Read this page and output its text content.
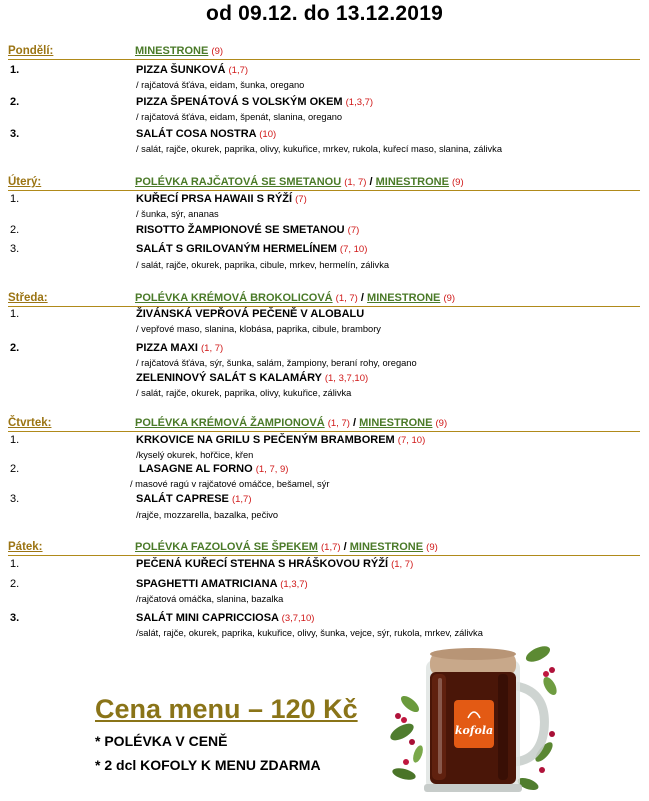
od 09.12. do 13.12.2019
Pondělí:	MINESTRONE (9)
1.	PIZZA ŠUNKOVÁ (1,7)
/ rajčatová šťáva, eidam, šunka, oregano
2.	PIZZA ŠPENÁTOVÁ S VOLSKÝM OKEM (1,3,7)
/ rajčatová šťáva, eidam, špenát, slanina, oregano
3.	SALÁT COSA NOSTRA (10)
/ salát, rajče, okurek, paprika, olivy, kukuřice, mrkev, rukola, kuřecí maso, slanina, zálivka
Úterý:	POLÉVKA RAJČATOVÁ SE SMETANOU (1, 7) / MINESTRONE (9)
1.	KUŘECÍ PRSA HAWAII S RÝŽÍ (7)
/ šunka, sýr, ananas
2.	RISOTTO ŽAMPIONOVÉ SE SMETANOU (7)
3.	SALÁT S GRILOVANÝM HERMELÍNEM (7, 10)
/ salát, rajče, okurek, paprika, cibule, mrkev, hermelín, zálivka
Středa:	POLÉVKA KRÉMOVÁ BROKOLICOVÁ (1, 7) / MINESTRONE (9)
1.	ŽIVÁNSKÁ VEPŘOVÁ PEČENĚ V ALOBALU
/ vepřové maso, slanina, klobása, paprika, cibule, brambory
2.	PIZZA MAXI (1, 7)
/ rajčatová šťáva, sýr, šunka, salám, žampiony, beraní rohy, oregano
ZELENINOVÝ SALÁT S KALAMÁRY (1, 3,7,10)
/ salát, rajče, okurek, paprika, olivy, kukuřice, zálivka
Čtvrtek:	POLÉVKA KRÉMOVÁ ŽAMPIONOVÁ (1, 7) / MINESTRONE (9)
1.	KRKOVICE NA GRILU S PEČENÝM BRAMBOREM (7, 10)
/kyselý okurek, hořčice, křen
2.	LASAGNE AL FORNO (1, 7, 9)
/ masové ragú v rajčatové omáčce, bešamel, sýr
3.	SALÁT CAPRESE (1,7)
/rajče, mozzarella, bazalka, pečivo
Pátek:	POLÉVKA FAZOLOVÁ SE ŠPEKEM (1,7) / MINESTRONE (9)
1.	PEČENÁ KUŘECÍ STEHNA S HRÁŠKOVOU RÝŽÍ (1, 7)
2.	SPAGHETTI AMATRICIANA (1,3,7)
/rajčatová omáčka, slanina, bazalka
3.	SALÁT MINI CAPRICCIOSA (3,7,10)
/salát, rajče, okurek, paprika, kukuřice, olivy, šunka, vejce, sýr, rukola, mrkev, zálivka
Cena menu – 120 Kč
* POLÉVKA V CENĚ
* 2 dcl KOFOLY K MENU ZDARMA
kofola
